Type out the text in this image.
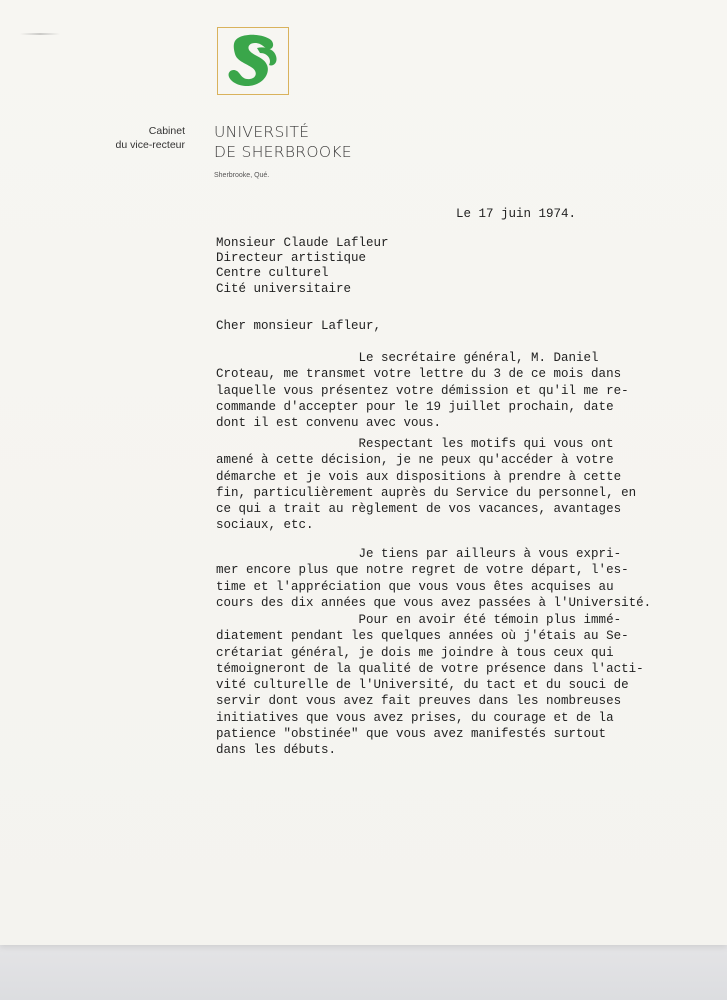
Cabinet
du vice-recteur
UNIVERSITÉ
DE SHERBROOKE
Sherbrooke, Qué.
Le 17 juin 1974.
Monsieur Claude Lafleur
Directeur artistique
Centre culturel
Cité universitaire
Cher monsieur Lafleur,
Le secrétaire général, M. Daniel
Croteau, me transmet votre lettre du 3 de ce mois dans
laquelle vous présentez votre démission et qu'il me re-
commande d'accepter pour le 19 juillet prochain, date
dont il est convenu avec vous.
Respectant les motifs qui vous ont
amené à cette décision, je ne peux qu'accéder à votre
démarche et je vois aux dispositions à prendre à cette
fin, particulièrement auprès du Service du personnel, en
ce qui a trait au règlement de vos vacances, avantages
sociaux, etc.
Je tiens par ailleurs à vous expri-
mer encore plus que notre regret de votre départ, l'es-
time et l'appréciation que vous vous êtes acquises au
cours des dix années que vous avez passées à l'Université.
Pour en avoir été témoin plus immé-
diatement pendant les quelques années où j'étais au Se-
crétariat général, je dois me joindre à tous ceux qui
témoigneront de la qualité de votre présence dans l'acti-
vité culturelle de l'Université, du tact et du souci de
servir dont vous avez fait preuves dans les nombreuses
initiatives que vous avez prises, du courage et de la
patience "obstinée" que vous avez manifestés surtout
dans les débuts.
